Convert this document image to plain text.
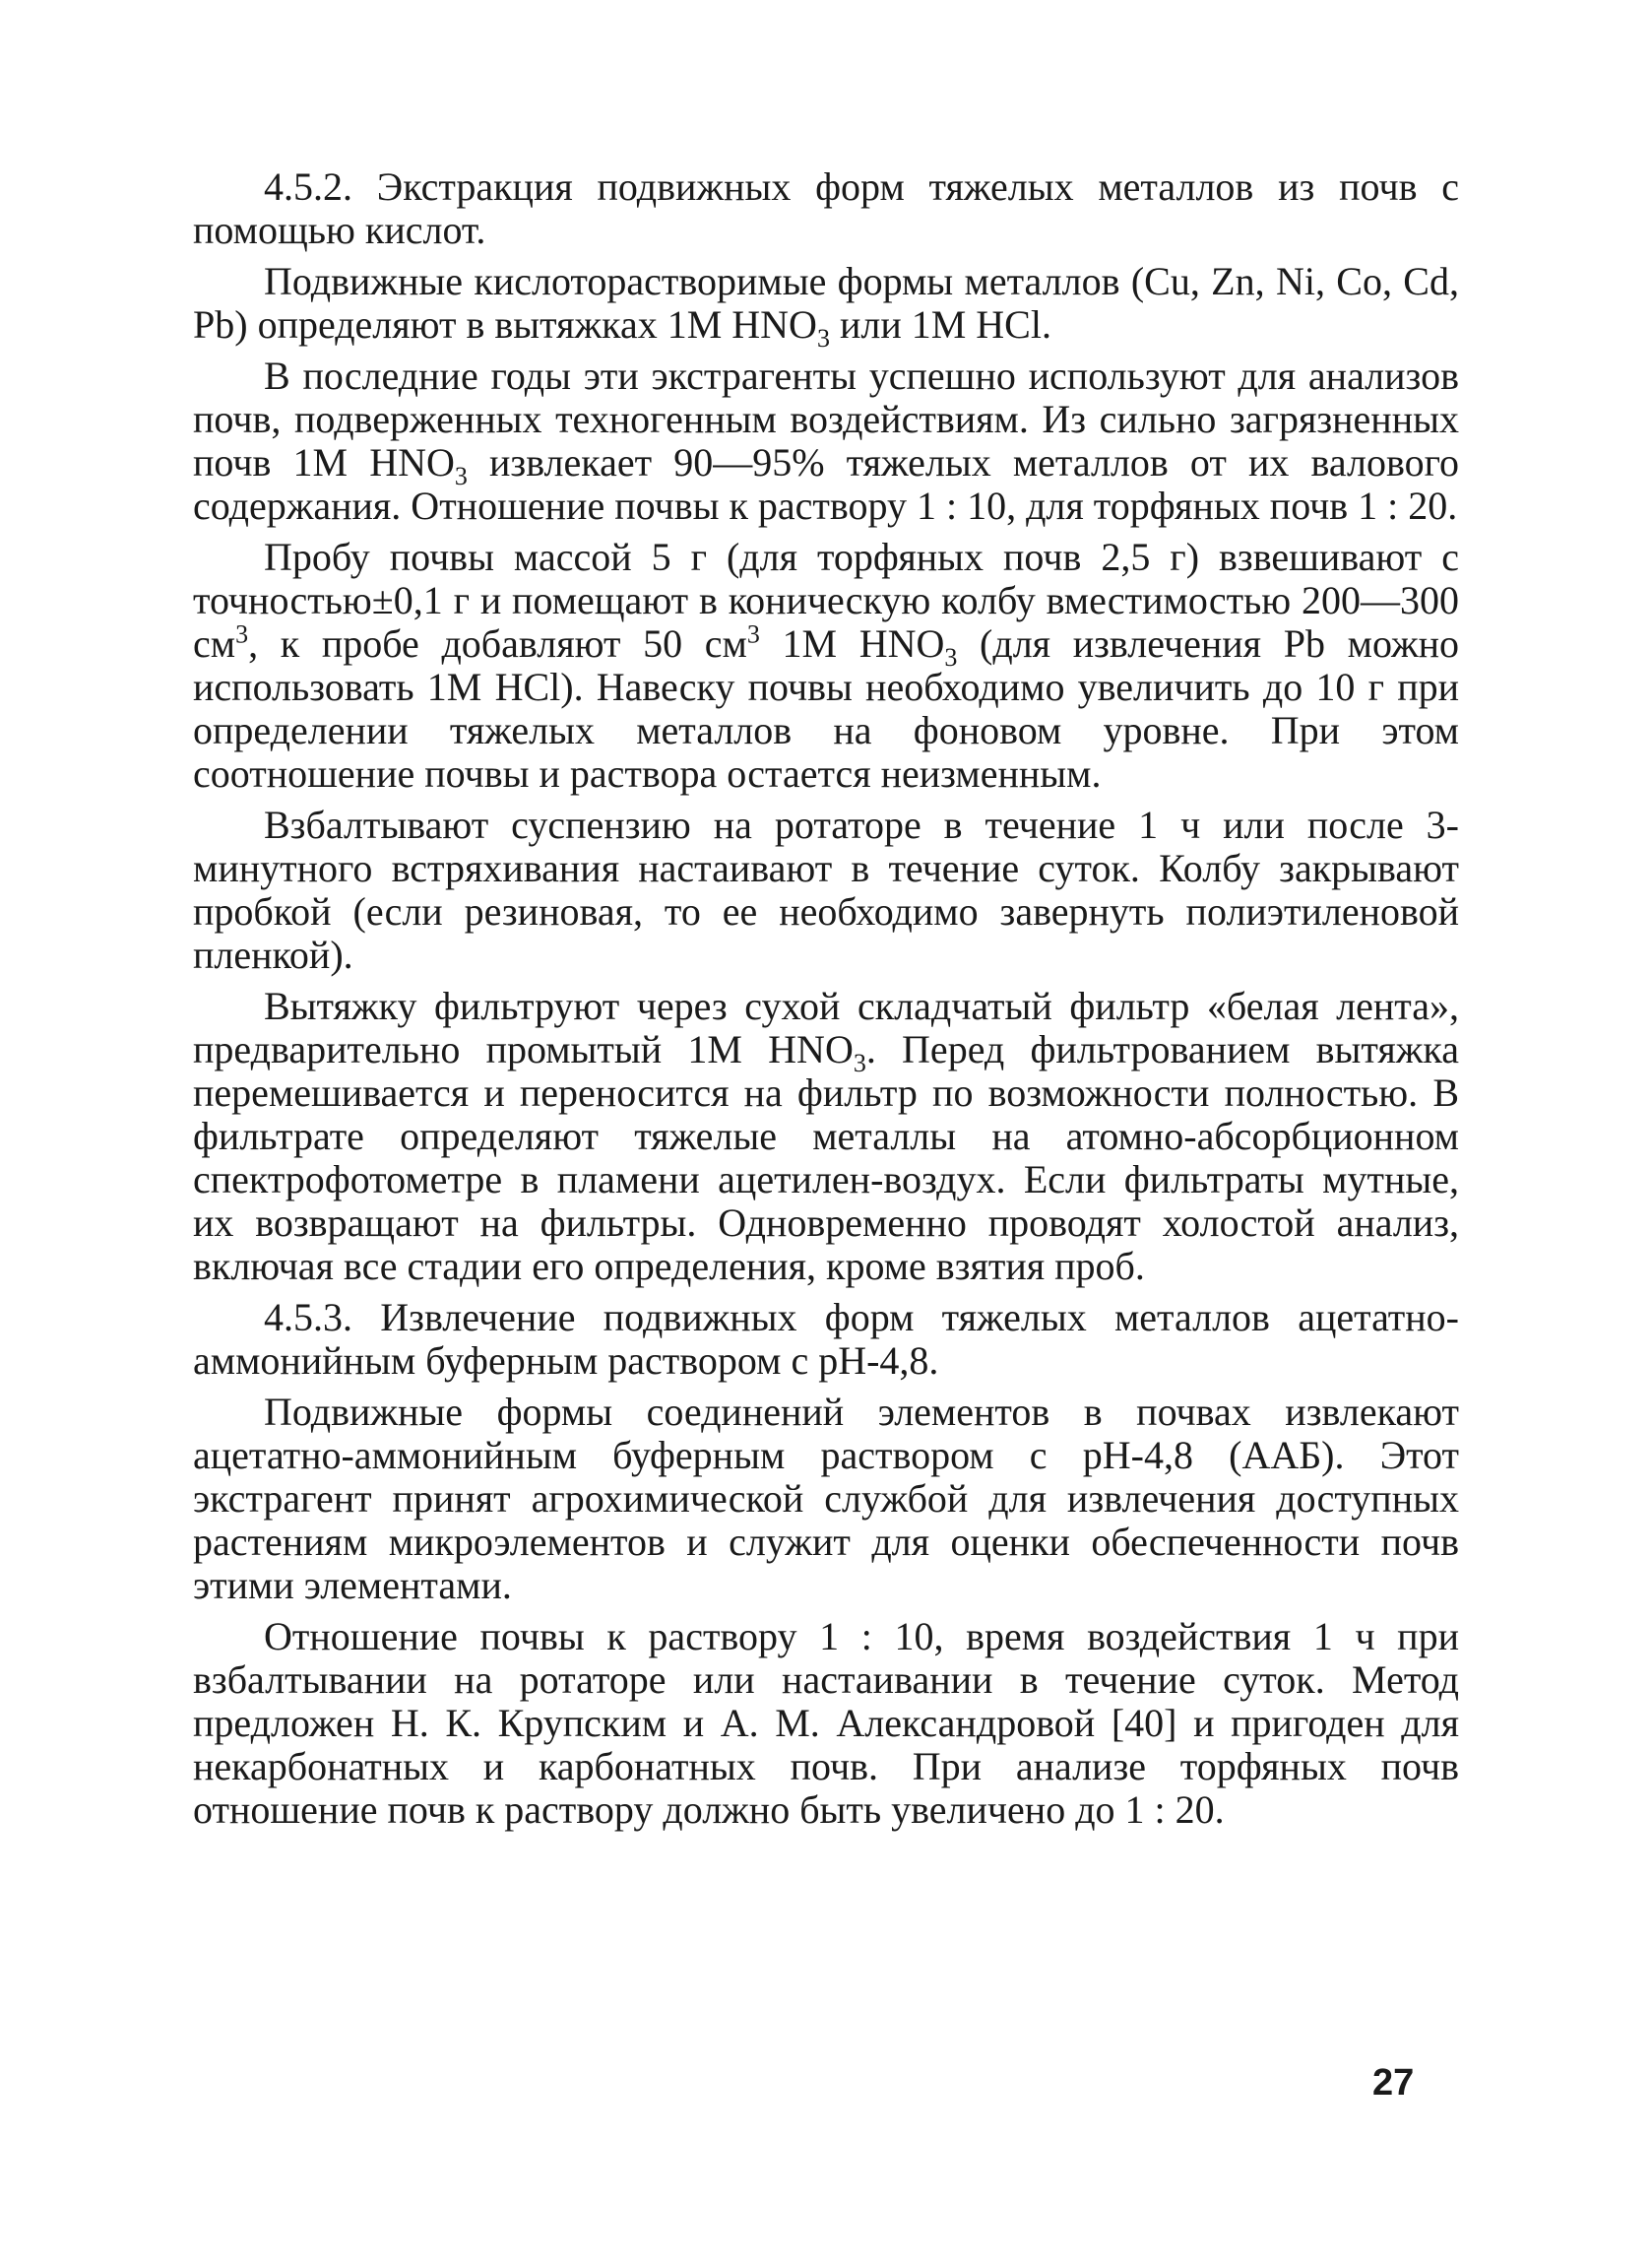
4.5.2. Экстракция подвижных форм тяжелых металлов из почв с помощью кислот.

Подвижные кислоторастворимые формы металлов (Cu, Zn, Ni, Co, Cd, Pb) определяют в вытяжках 1М $HNO_3$ или 1М HCl.

В последние годы эти экстрагенты успешно используют для анализов почв, подверженных техногенным воздействиям. Из сильно загрязненных почв 1М $HNO_3$ извлекает 90—95% тяжелых металлов от их валового содержания. Отношение почвы к раствору 1 : 10, для торфяных почв 1 : 20.

Пробу почвы массой 5 г (для торфяных почв 2,5 г) взвешивают с точностью±0,1 г и помещают в коническую колбу вместимостью 200—300 $см^3$, к пробе добавляют 50 $см^3$ 1М $HNO_3$ (для извлечения Pb можно использовать 1М HCl). Навеску почвы необходимо увеличить до 10 г при определении тяжелых металлов на фоновом уровне. При этом соотношение почвы и раствора остается неизменным.

Взбалтывают суспензию на ротаторе в течение 1 ч или после 3-минутного встряхивания настаивают в течение суток. Колбу закрывают пробкой (если резиновая, то ее необходимо завернуть полиэтиленовой пленкой).

Вытяжку фильтруют через сухой складчатый фильтр «белая лента», предварительно промытый 1М $HNO_3$. Перед фильтрованием вытяжка перемешивается и переносится на фильтр по возможности полностью. В фильтрате определяют тяжелые металлы на атомно-абсорбционном спектрофотометре в пламени ацетилен-воздух. Если фильтраты мутные, их возвращают на фильтры. Одновременно проводят холостой анализ, включая все стадии его определения, кроме взятия проб.

4.5.3. Извлечение подвижных форм тяжелых металлов ацетатно-аммонийным буферным раствором с рН-4,8.

Подвижные формы соединений элементов в почвах извлекают ацетатно-аммонийным буферным раствором с рН-4,8 (ААБ). Этот экстрагент принят агрохимической службой для извлечения доступных растениям микроэлементов и служит для оценки обеспеченности почв этими элементами.

Отношение почвы к раствору 1 : 10, время воздействия 1 ч при взбалтывании на ротаторе или настаивании в течение суток. Метод предложен Н. К. Крупским и А. М. Александровой [40] и пригоден для некарбонатных и карбонатных почв. При анализе торфяных почв отношение почв к раствору должно быть увеличено до 1 : 20.

27
